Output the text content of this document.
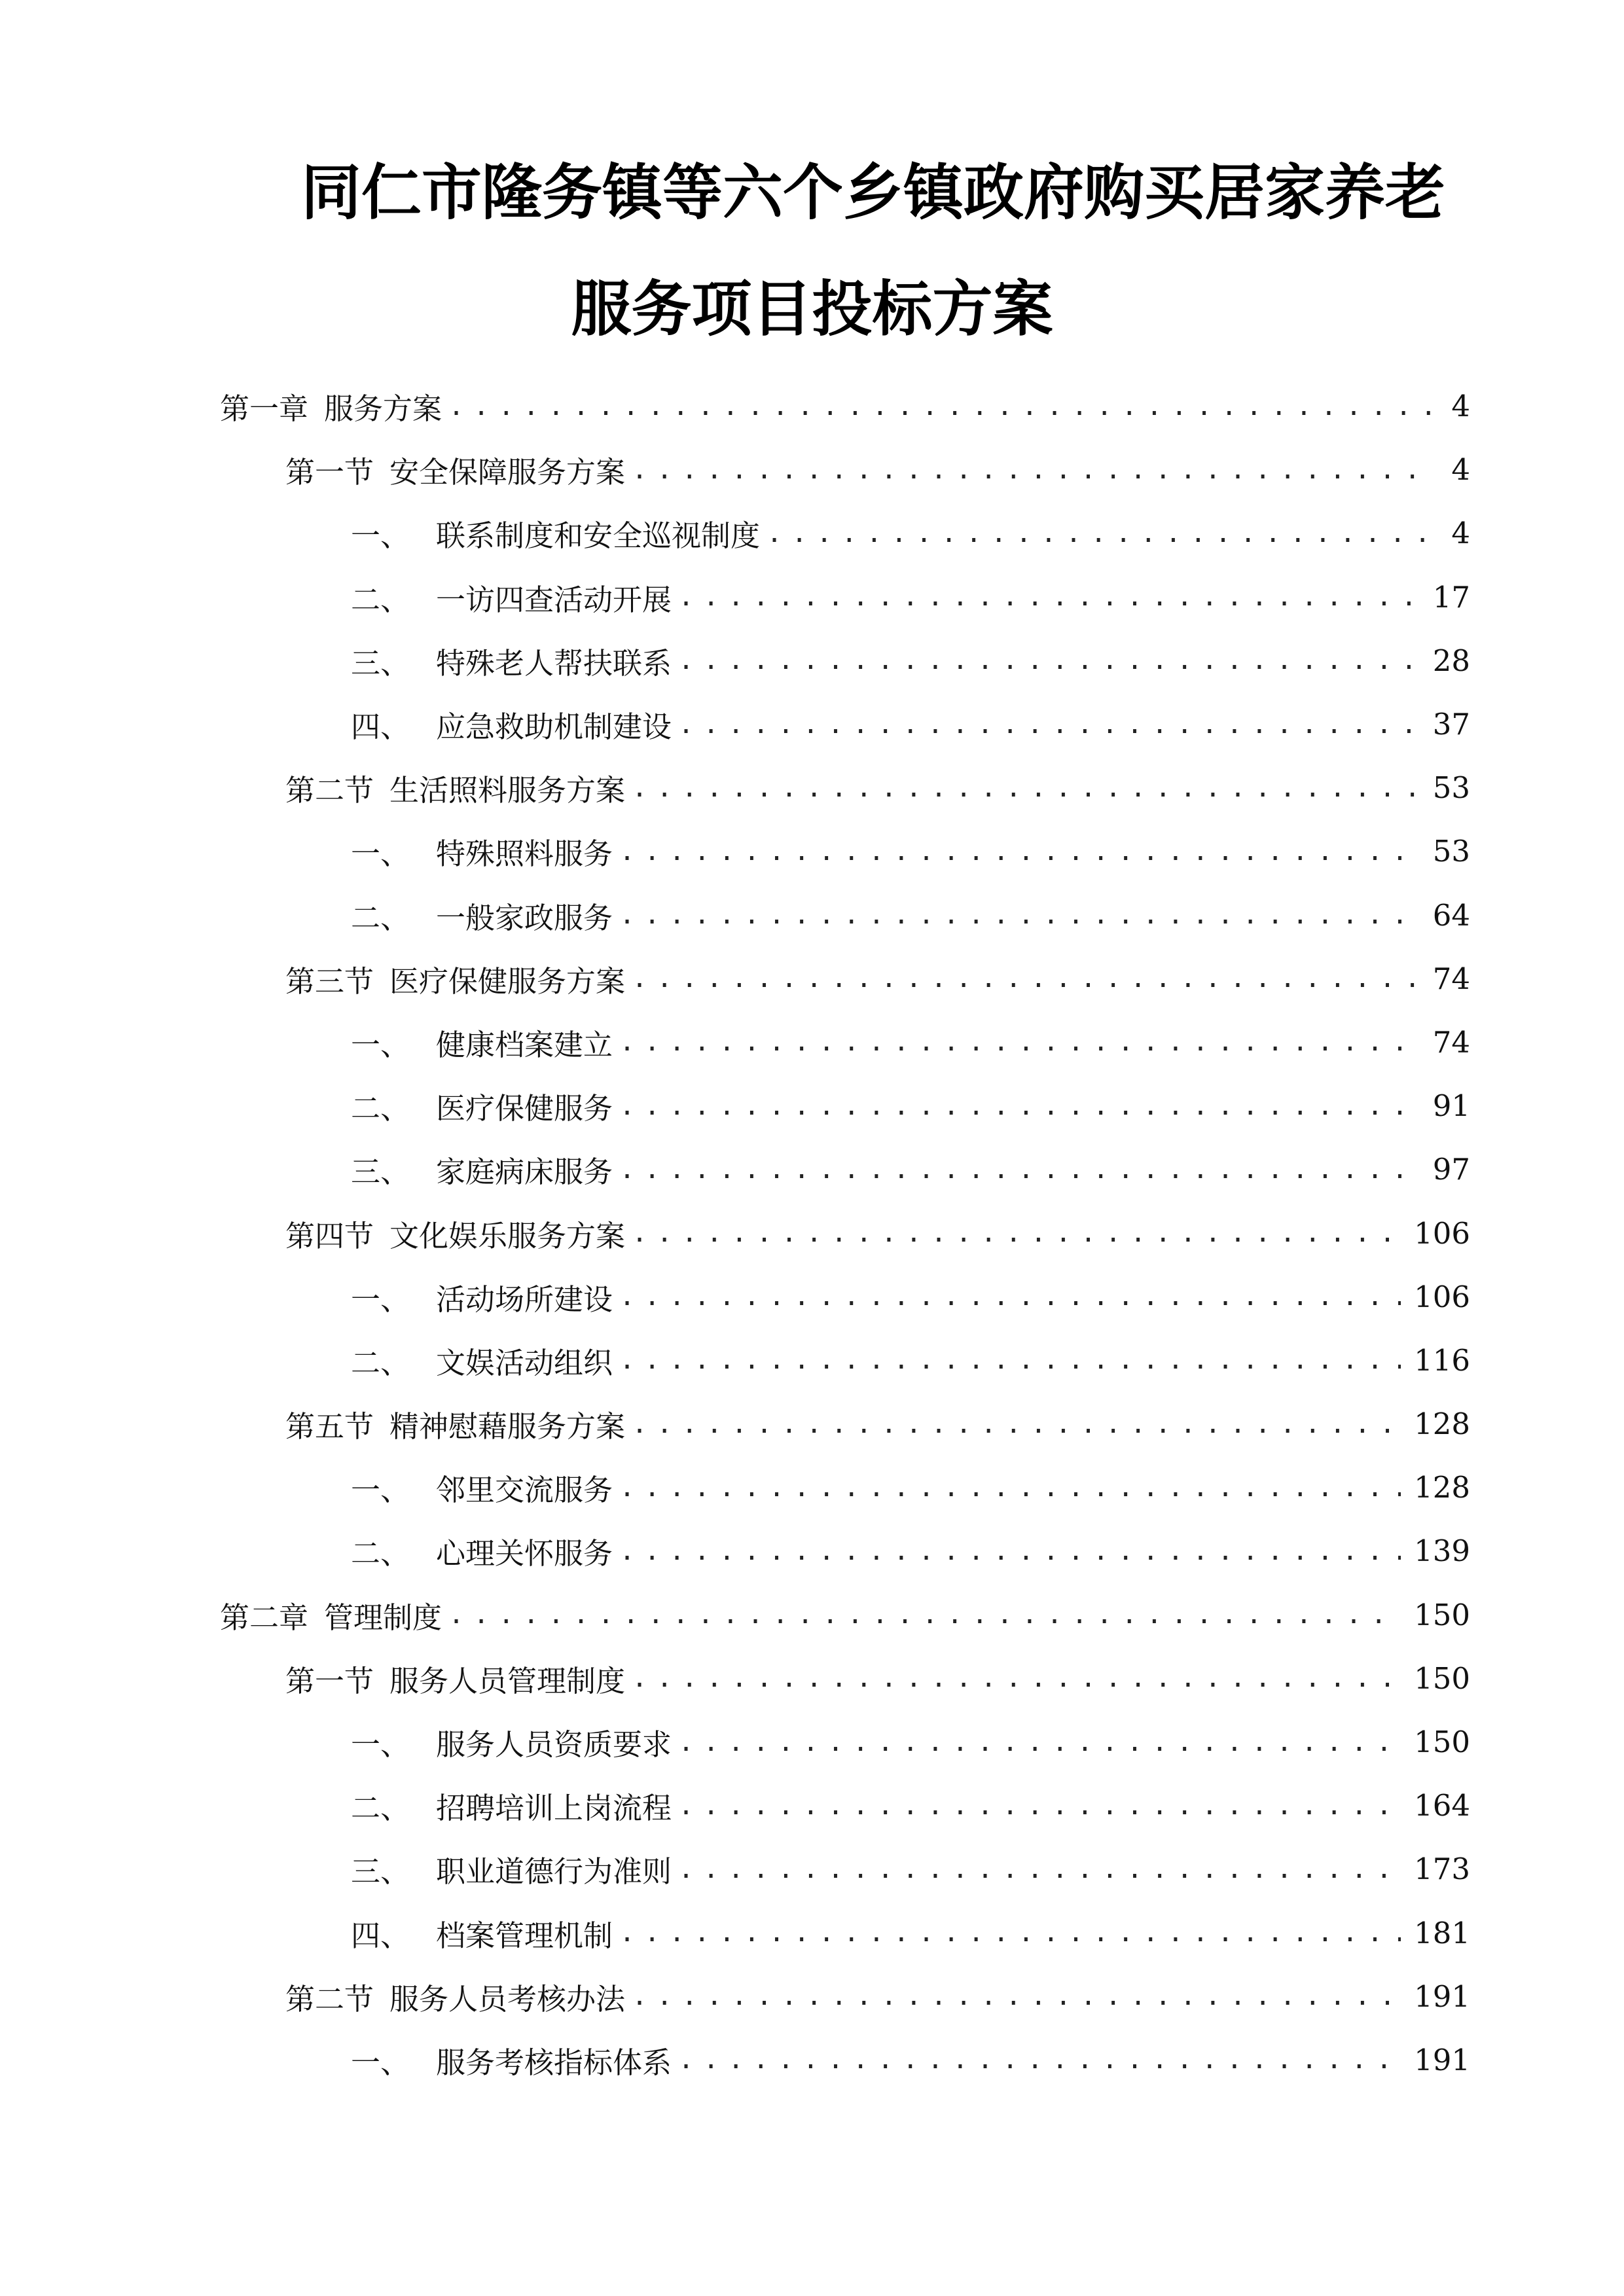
同仁市隆务镇等六个乡镇政府购买居家养老
服务项目投标方案
第一章 服务方案 .....	4
第一节 安全保障服务方案 .....	4
一、 联系制度和安全巡视制度 .....	4
二、 一访四查活动开展 .....	17
三、 特殊老人帮扶联系 .....	28
四、 应急救助机制建设 .....	37
第二节 生活照料服务方案 .....	53
一、 特殊照料服务 .....	53
二、 一般家政服务 .....	64
第三节 医疗保健服务方案 .....	74
一、 健康档案建立 .....	74
二、 医疗保健服务 .....	91
三、 家庭病床服务 .....	97
第四节 文化娱乐服务方案 .....	106
一、 活动场所建设 .....	106
二、 文娱活动组织 .....	116
第五节 精神慰藉服务方案 .....	128
一、 邻里交流服务 .....	128
二、 心理关怀服务 .....	139
第二章 管理制度 .....	150
第一节 服务人员管理制度 .....	150
一、 服务人员资质要求 .....	150
二、 招聘培训上岗流程 .....	164
三、 职业道德行为准则 .....	173
四、 档案管理机制 .....	181
第二节 服务人员考核办法 .....	191
一、 服务考核指标体系 .....	191
